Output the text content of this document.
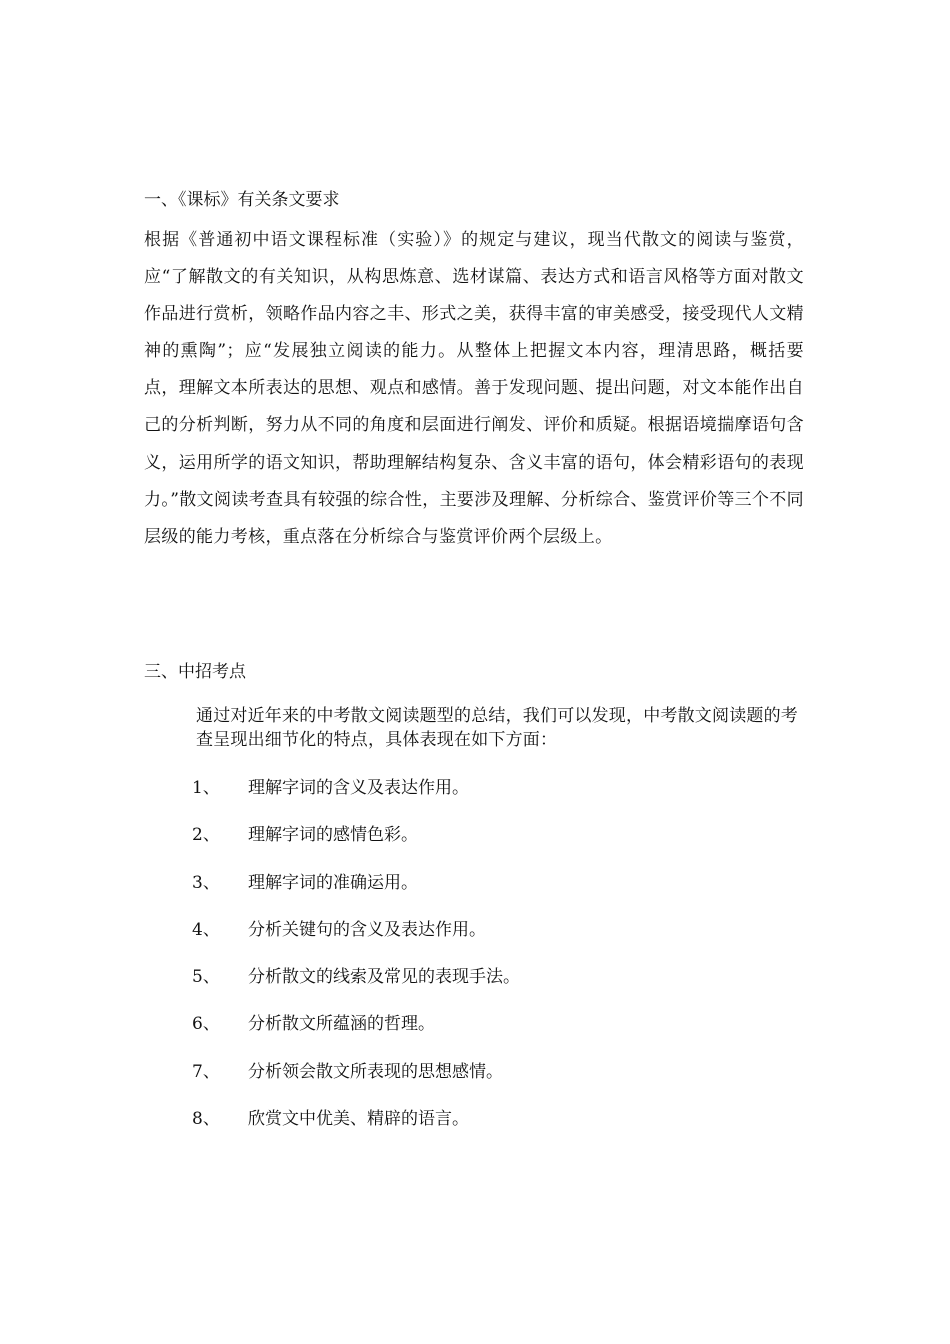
一、《课标》有关条文要求

根据《普通初中语文课程标准（实验）》的规定与建议，现当代散文的阅读与鉴赏，应“了解散文的有关知识，从构思炼意、选材谋篇、表达方式和语言风格等方面对散文作品进行赏析，领略作品内容之丰、形式之美，获得丰富的审美感受，接受现代人文精神的熏陶”；应“发展独立阅读的能力。从整体上把握文本内容，理清思路，概括要点，理解文本所表达的思想、观点和感情。善于发现问题、提出问题，对文本能作出自己的分析判断，努力从不同的角度和层面进行阐发、评价和质疑。根据语境揣摩语句含义，运用所学的语文知识，帮助理解结构复杂、含义丰富的语句，体会精彩语句的表现力。”散文阅读考查具有较强的综合性，主要涉及理解、分析综合、鉴赏评价等三个不同层级的能力考核，重点落在分析综合与鉴赏评价两个层级上。

三、中招考点

通过对近年来的中考散文阅读题型的总结，我们可以发现，中考散文阅读题的考查呈现出细节化的特点，具体表现在如下方面：

1、	理解字词的含义及表达作用。
2、	理解字词的感情色彩。
3、	理解字词的准确运用。
4、	分析关键句的含义及表达作用。
5、	分析散文的线索及常见的表现手法。
6、	分析散文所蕴涵的哲理。
7、	分析领会散文所表现的思想感情。
8、	欣赏文中优美、精辟的语言。
